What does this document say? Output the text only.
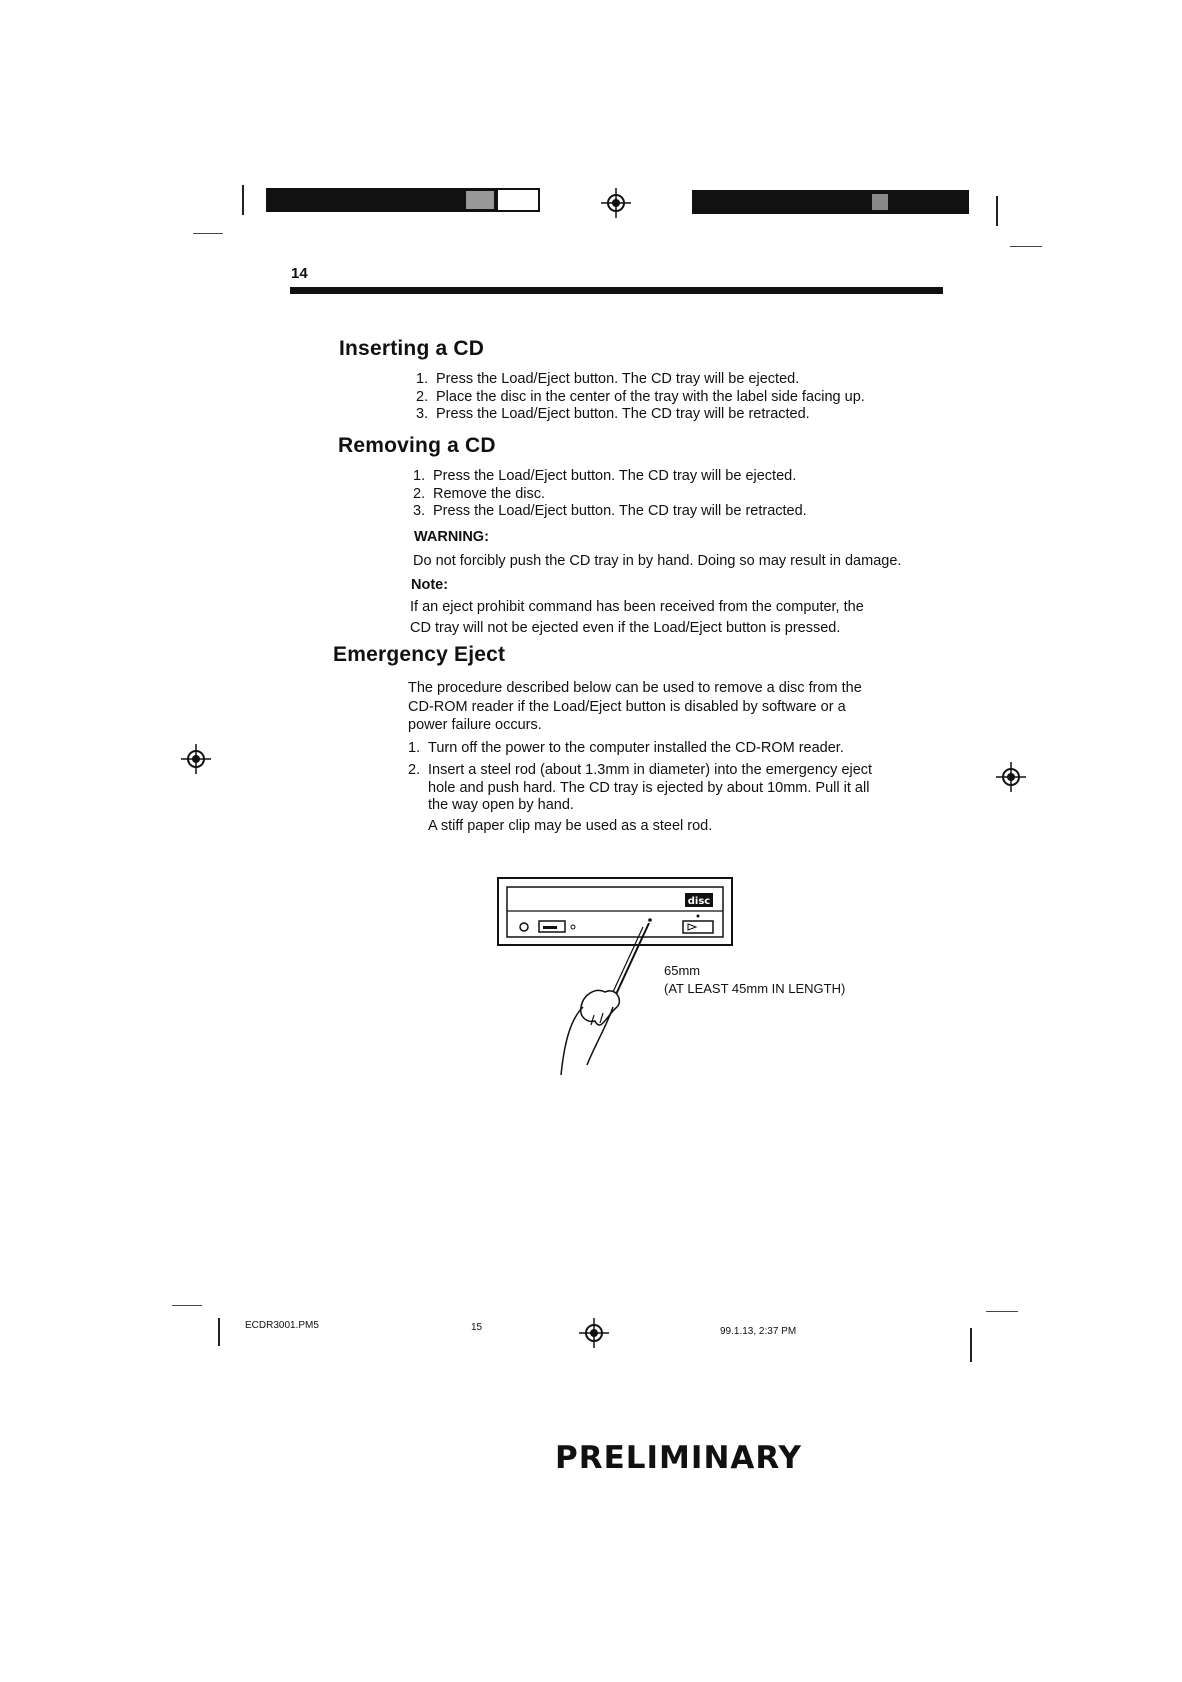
14
Inserting a CD
1. Press the Load/Eject button. The CD tray will be ejected.
2. Place the disc in the center of the tray with the label side facing up.
3. Press the Load/Eject button. The CD tray will be retracted.
Removing a CD
1. Press the Load/Eject button. The CD tray will be ejected.
2. Remove the disc.
3. Press the Load/Eject button. The CD tray will be retracted.
WARNING:
Do not forcibly push the CD tray in by hand. Doing so may result in damage.
Note:
If an eject prohibit command has been received from the computer, the
CD tray will not be ejected even if the Load/Eject button is pressed.
Emergency Eject
The procedure described below can be used to remove a disc from the
CD-ROM reader if the Load/Eject button is disabled by software or a
power failure occurs.
1. Turn off the power to the computer installed the CD-ROM reader.
2. Insert a steel rod (about 1.3mm in diameter) into the emergency eject
hole and push hard. The CD tray is ejected by about 10mm. Pull it all
the way open by hand.
A stiff paper clip may be used as a steel rod.
disc
65mm
(AT LEAST 45mm IN LENGTH)
ECDR3001.PM5	15	99.1.13, 2:37 PM
PRELIMINARY
